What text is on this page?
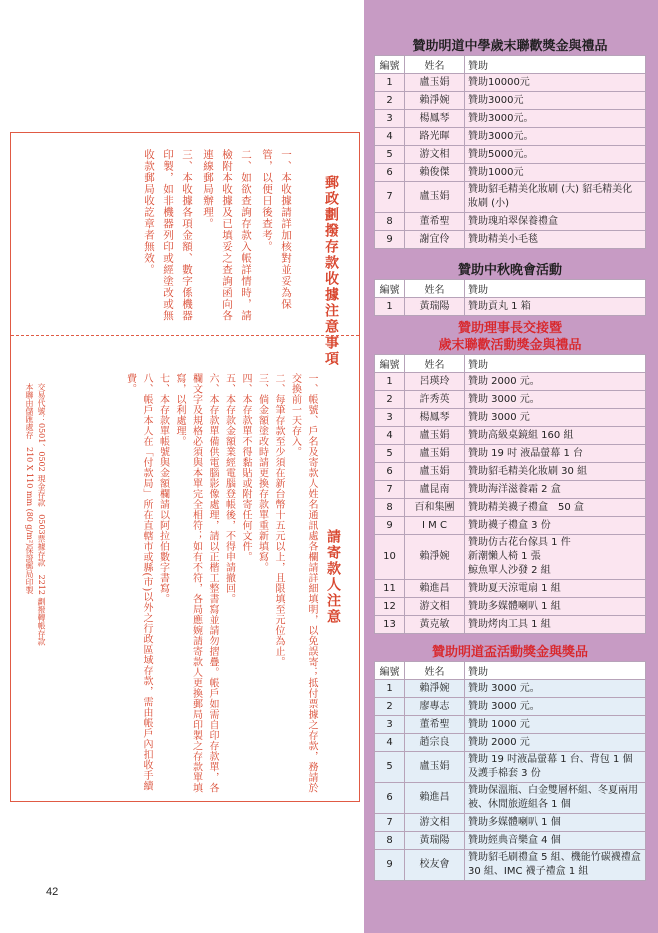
郵政劃撥存款收據注意事項

一、本收據請詳加核對並妥為保管，以便日後查考。

二、如欲查詢存款入帳詳情時，請檢附本收據及已填妥之查詢函向各連線郵局辦理。

三、本收據各項金額、數字係機器印製，如非機器列印或經塗改或無收款郵局收訖章者無效。

請寄款人注意

一、帳號、戶名及寄款人姓名通訊處各欄請詳細填明，以免誤寄；抵付票據之存款，務請於交換前一天存入。

二、每筆存款至少須在新台幣十五元以上，且限填至元位為止。

三、倘金額塗改時請更換存款單重新填寫。

四、本存款單不得黏貼或附寄任何文件。

五、本存款金額業經電腦登帳後，不得申請撤回。

六、本存款單備供電腦影像處理，請以正楷工整書寫並請勿摺疊。帳戶如需自印存款單，各欄文字及規格必須與本單完全相符；如有不符，各局應婉請寄款人更換郵局印製之存款單填寫，以利處理。

七、本存款單帳號與金額欄請以阿拉伯數字書寫。

八、帳戶本人在「付款局」所在直轄市或縣(市)以外之行政區域存款，需由帳戶內扣收手續費。

交易代號：0501、0502 現金存款　0503票據存款　2212 劃撥轉帳存款

本聯由儲匯處存　210 X 110 mm (80 g/m²)保證郵局印製

42
贊助明道中學歲末聯歡獎金與禮品
編號	姓名	贊助
1	盧玉娟	贊助10000元
2	賴淨婉	贊助3000元
3	楊鳳琴	贊助3000元。
4	路光暉	贊助3000元。
5	游文相	贊助5000元。
6	賴俊傑	贊助1000元
7	盧玉娟	贊助貂毛精美化妝刷 (大) 貂毛精美化妝刷 (小)
8	董希聖	贊助瑰珀翠保養禮盒
9	謝宜伶	贊助精美小毛毯
贊助中秋晚會活動
編號	姓名	贊助
1	黃瑞陽	贊助貢丸 1 箱
贊助理事長交接暨
歲末聯歡活動獎金與禮品
編號	姓名	贊助
1	呂瑛玲	贊助 2000 元。
2	許秀英	贊助 3000 元。
3	楊鳳琴	贊助 3000 元
4	盧玉娟	贊助高級桌鏡組 160 組
5	盧玉娟	贊助 19 吋 液晶螢幕 1 台
6	盧玉娟	贊助貂毛精美化妝刷 30 組
7	盧昆南	贊助海洋滋養霜 2 盒
8	百和集團	贊助精美襪子禮盒　50 盒
9	I M C	贊助襪子禮盒 3 份
10	賴淨婉	贊助仿古花台傢具 1 件
新潮懶人椅 1 張
鯨魚單人沙發 2 組
11	賴進昌	贊助夏天涼電扇 1 組
12	游文相	贊助多媒體喇叭 1 組
13	黃克敏	贊助烤肉工具 1 組
贊助明道盃活動獎金與獎品
編號	姓名	贊助
1	賴淨婉	贊助 3000 元。
2	廖專志	贊助 3000 元。
3	董希聖	贊助 1000 元
4	趙宗良	贊助 2000 元
5	盧玉娟	贊助 19 吋液晶螢幕 1 台、背包 1 個及護手棉套 3 份
6	賴進昌	贊助保溫瓶、白金雙層杯組、冬夏兩用被、休閒旅遊組各 1 個
7	游文相	贊助多媒體喇叭 1 個
8	黃瑞陽	贊助經典音樂盒 4 個
9	校友會	贊助貂毛刷禮盒 5 組、機能竹碳襪禮盒 30 組、IMC 襪子禮盒 1 組
